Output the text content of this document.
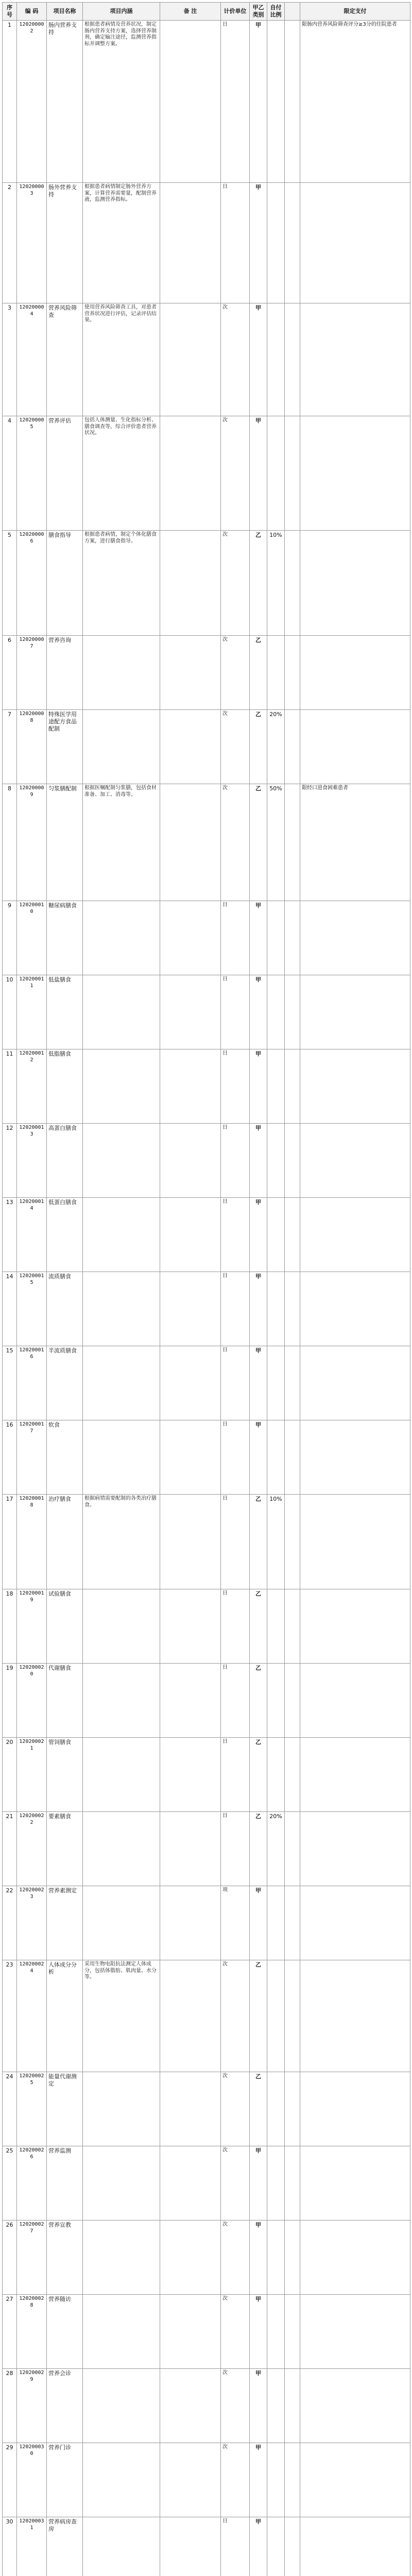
序号	编 码	项目名称	项目内涵	备 注	计价单位	甲乙类别	自付比例		限定支付
1	120200002	肠内营养支持	根据患者病情及营养状况，制定肠内营养支持方案，选择营养制剂，确定输注途径，监测营养指标并调整方案。		日	甲			限肠内营养风险筛查评分≥3分的住院患者
2	120200003	肠外营养支持	根据患者病情制定肠外营养方案，计算营养需要量，配制营养液，监测营养指标。		日	甲			
3	120200004	营养风险筛查	使用营养风险筛查工具，对患者营养状况进行评估，记录评估结果。		次	甲			
4	120200005	营养评估	包括人体测量、生化指标分析、膳食调查等，综合评价患者营养状况。		次	甲			
5	120200006	膳食指导	根据患者病情，制定个体化膳食方案，进行膳食指导。		次	乙	10%		
6	120200007	营养咨询			次	乙			
7	120200008	特殊医学用途配方食品配制			次	乙	20%		
8	120200009	匀浆膳配制	根据医嘱配制匀浆膳，包括食材准备、加工、消毒等。		次	乙	50%		限经口进食困难患者
9	120200010	糖尿病膳食			日	甲			
10	120200011	低盐膳食			日	甲			
11	120200012	低脂膳食			日	甲			
12	120200013	高蛋白膳食			日	甲			
13	120200014	低蛋白膳食			日	甲			
14	120200015	流质膳食			日	甲			
15	120200016	半流质膳食			日	甲			
16	120200017	软食			日	甲			
17	120200018	治疗膳食	根据病情需要配制的各类治疗膳食。		日	乙	10%		
18	120200019	试验膳食			日	乙			
19	120200020	代谢膳食			日	乙			
20	120200021	管饲膳食			日	乙			
21	120200022	要素膳食			日	乙	20%		
22	120200023	营养素测定			项	甲			
23	120200024	人体成分分析	采用生物电阻抗法测定人体成分，包括体脂肪、肌肉量、水分等。		次	乙			
24	120200025	能量代谢测定			次	乙			
25	120200026	营养监测			次	甲			
26	120200027	营养宣教			次	甲			
27	120200028	营养随访			次	甲			
28	120200029	营养会诊			次	甲			
29	120200030	营养门诊			次	甲			
30	120200031	营养病房查房			日	甲			
